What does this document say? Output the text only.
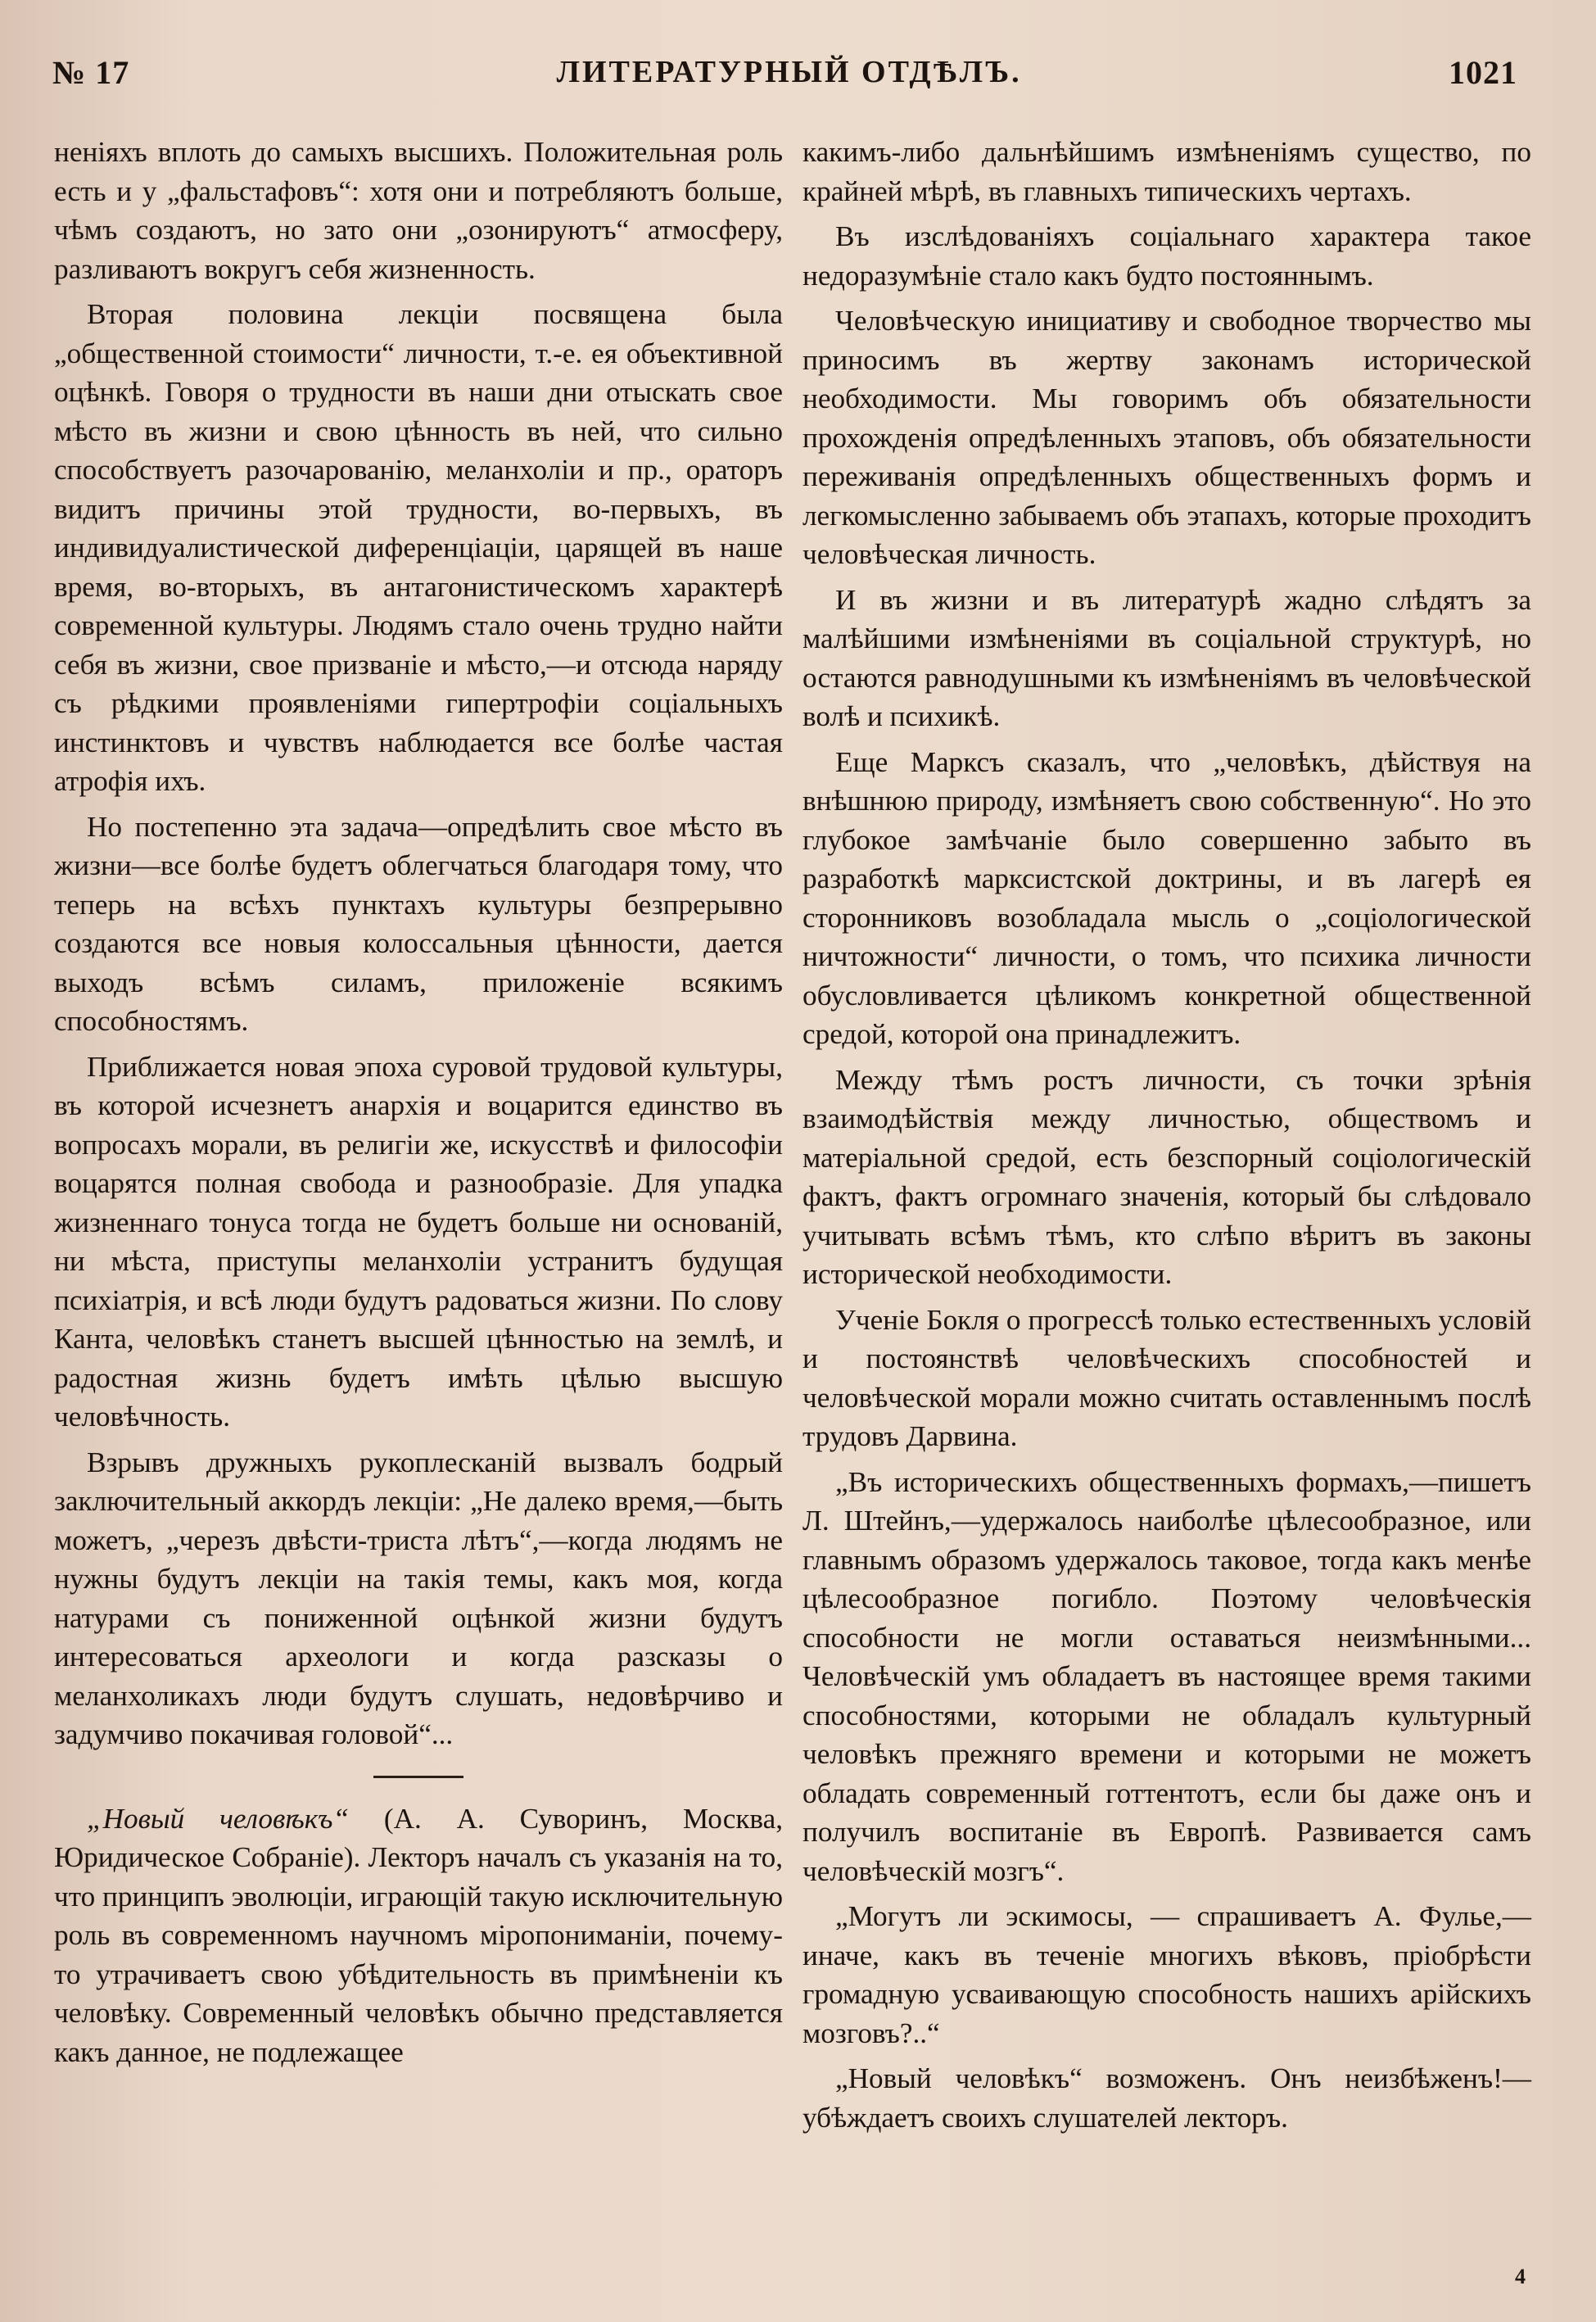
№ 17	ЛИТЕРАТУРНЫЙ ОТДѢЛЪ.	1021

ненiяхъ вплоть до самыхъ высшихъ. Положительная роль есть и у „фальстафовъ“: хотя они и потребляютъ больше, чѣмъ создаютъ, но зато они „озонируютъ“ атмосферу, разливаютъ вокругъ себя жизненность.

Вторая половина лекцiи посвящена была „общественной стоимости“ личности, т.-е. ея объективной оцѣнкѣ. Говоря о трудности въ наши дни отыскать свое мѣсто въ жизни и свою цѣнность въ ней, что сильно способствуетъ разочарованiю, меланхолiи и пр., ораторъ видитъ причины этой трудности, во-первыхъ, въ индивидуалистической диференцiацiи, царящей въ наше время, во-вторыхъ, въ антагонистическомъ характерѣ современной культуры. Людямъ стало очень трудно найти себя въ жизни, свое призванiе и мѣсто,—и отсюда наряду съ рѣдкими проявленiями гипертрофiи соцiальныхъ инстинктовъ и чувствъ наблюдается все болѣе частая атрофiя ихъ.

Но постепенно эта задача—опредѣлить свое мѣсто въ жизни—все болѣе будетъ облегчаться благодаря тому, что теперь на всѣхъ пунктахъ культуры безпрерывно создаются все новыя колоссальныя цѣнности, дается выходъ всѣмъ силамъ, приложенiе всякимъ способностямъ.

Приближается новая эпоха суровой трудовой культуры, въ которой исчезнетъ анархiя и воцарится единство въ вопросахъ морали, въ религiи же, искусствѣ и философiи воцарятся полная свобода и разнообразiе. Для упадка жизненнаго тонуса тогда не будетъ больше ни основанiй, ни мѣста, приступы меланхолiи устранитъ будущая психiатрiя, и всѣ люди будутъ радоваться жизни. По слову Канта, человѣкъ станетъ высшей цѣнностью на землѣ, и радостная жизнь будетъ имѣть цѣлью высшую человѣчность.

Взрывъ дружныхъ рукоплесканiй вызвалъ бодрый заключительный аккордъ лекцiи: „Не далеко время,—быть можетъ, „черезъ двѣсти-триста лѣтъ“,—когда людямъ не нужны будутъ лекцiи на такiя темы, какъ моя, когда натурами съ пониженной оцѣнкой жизни будутъ интересоваться археологи и когда разсказы о меланхоликахъ люди будутъ слушать, недовѣрчиво и задумчиво покачивая головой“...

„Новый человѣкъ“ (А. А. Суворинъ, Москва, Юридическое Собранiе). Лекторъ началъ съ указанiя на то, что принципъ эволюцiи, играющiй такую исключительную роль въ современномъ научномъ мiропониманiи, почему-то утрачиваетъ свою убѣдительность въ примѣненiи къ человѣку. Современный человѣкъ обычно представляется какъ данное, не подлежащее

какимъ-либо дальнѣйшимъ измѣненiямъ существо, по крайней мѣрѣ, въ главныхъ типическихъ чертахъ.

Въ изслѣдованiяхъ соцiальнаго характера такое недоразумѣнiе стало какъ будто постояннымъ.

Человѣческую инициативу и свободное творчество мы приносимъ въ жертву законамъ исторической необходимости. Мы говоримъ объ обязательности прохожденiя опредѣленныхъ этаповъ, объ обязательности переживанiя опредѣленныхъ общественныхъ формъ и легкомысленно забываемъ объ этапахъ, которые проходитъ человѣческая личность.

И въ жизни и въ литературѣ жадно слѣдятъ за малѣйшими измѣненiями въ соцiальной структурѣ, но остаются равнодушными къ измѣненiямъ въ человѣческой волѣ и психикѣ.

Еще Марксъ сказалъ, что „человѣкъ, дѣйствуя на внѣшнюю природу, измѣняетъ свою собственную“. Но это глубокое замѣчанiе было совершенно забыто въ разработкѣ марксистской доктрины, и въ лагерѣ ея сторонниковъ возобладала мысль о „соцiологической ничтожности“ личности, о томъ, что психика личности обусловливается цѣликомъ конкретной общественной средой, которой она принадлежитъ.

Между тѣмъ ростъ личности, съ точки зрѣнiя взаимодѣйствiя между личностью, обществомъ и матерiальной средой, есть безспорный соцiологическiй фактъ, фактъ огромнаго значенiя, который бы слѣдовало учитывать всѣмъ тѣмъ, кто слѣпо вѣритъ въ законы исторической необходимости.

Ученiе Бокля о прогрессѣ только естественныхъ условiй и постоянствѣ человѣческихъ способностей и человѣческой морали можно считать оставленнымъ послѣ трудовъ Дарвина.

„Въ историческихъ общественныхъ формахъ,—пишетъ Л. Штейнъ,—удержалось наиболѣе цѣлесообразное, или главнымъ образомъ удержалось таковое, тогда какъ менѣе цѣлесообразное погибло. Поэтому человѣческiя способности не могли оставаться неизмѣнными... Человѣческiй умъ обладаетъ въ настоящее время такими способностями, которыми не обладалъ культурный человѣкъ прежняго времени и которыми не можетъ обладать современный готтентотъ, если бы даже онъ и получилъ воспитанiе въ Европѣ. Развивается самъ человѣческiй мозгъ“.

„Могутъ ли эскимосы, — спрашиваетъ А. Фулье,—иначе, какъ въ теченiе многихъ вѣковъ, прiобрѣсти громадную усваивающую способность нашихъ арiйскихъ мозговъ?..“

„Новый человѣкъ“ возможенъ. Онъ неизбѣженъ!—убѣждаетъ своихъ слушателей лекторъ.

4
